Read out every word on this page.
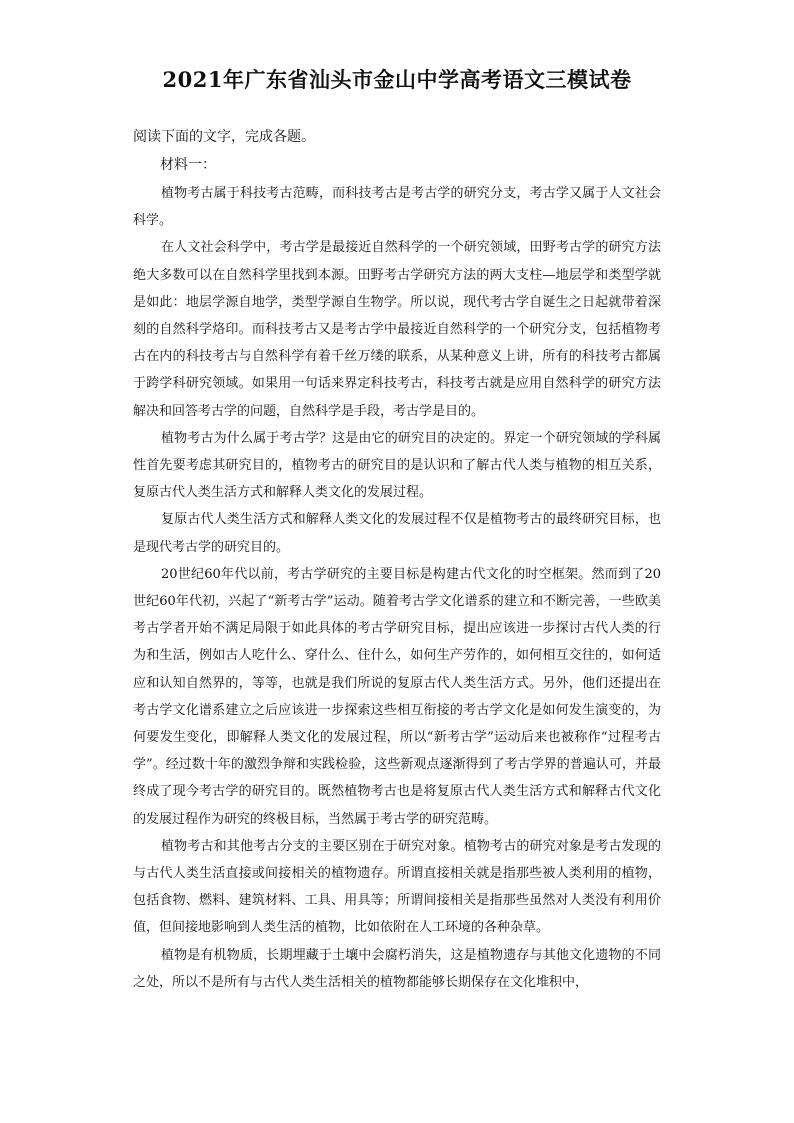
2021年广东省汕头市金山中学高考语文三模试卷
阅读下面的文字，完成各题。
材料一：

植物考古属于科技考古范畴，而科技考古是考古学的研究分支，考古学又属于人文社会科学。

在人文社会科学中，考古学是最接近自然科学的一个研究领域，田野考古学的研究方法绝大多数可以在自然科学里找到本源。田野考古学研究方法的两大支柱—地层学和类型学就是如此：地层学源自地学，类型学源自生物学。所以说，现代考古学自诞生之日起就带着深刻的自然科学烙印。而科技考古又是考古学中最接近自然科学的一个研究分支，包括植物考古在内的科技考古与自然科学有着千丝万缕的联系，从某种意义上讲，所有的科技考古都属于跨学科研究领域。如果用一句话来界定科技考古，科技考古就是应用自然科学的研究方法解决和回答考古学的问题，自然科学是手段，考古学是目的。

植物考古为什么属于考古学？这是由它的研究目的决定的。界定一个研究领域的学科属性首先要考虑其研究目的，植物考古的研究目的是认识和了解古代人类与植物的相互关系，复原古代人类生活方式和解释人类文化的发展过程。

复原古代人类生活方式和解释人类文化的发展过程不仅是植物考古的最终研究目标，也是现代考古学的研究目的。

20世纪60年代以前，考古学研究的主要目标是构建古代文化的时空框架。然而到了20世纪60年代初，兴起了“新考古学”运动。随着考古学文化谱系的建立和不断完善，一些欧美考古学者开始不满足局限于如此具体的考古学研究目标，提出应该进一步探讨古代人类的行为和生活，例如古人吃什么、穿什么、住什么，如何生产劳作的，如何相互交往的，如何适应和认知自然界的，等等，也就是我们所说的复原古代人类生活方式。另外，他们还提出在考古学文化谱系建立之后应该进一步探索这些相互衔接的考古学文化是如何发生演变的，为何要发生变化，即解释人类文化的发展过程，所以“新考古学”运动后来也被称作“过程考古学”。经过数十年的激烈争辩和实践检验，这些新观点逐渐得到了考古学界的普遍认可，并最终成了现今考古学的研究目的。既然植物考古也是将复原古代人类生活方式和解释古代文化的发展过程作为研究的终极目标，当然属于考古学的研究范畴。

植物考古和其他考古分支的主要区别在于研究对象。植物考古的研究对象是考古发现的与古代人类生活直接或间接相关的植物遗存。所谓直接相关就是指那些被人类利用的植物，包括食物、燃料、建筑材料、工具、用具等；所谓间接相关是指那些虽然对人类没有利用价值，但间接地影响到人类生活的植物，比如依附在人工环境的各种杂草。

植物是有机物质，长期埋藏于土壤中会腐朽消失，这是植物遗存与其他文化遗物的不同之处，所以不是所有与古代人类生活相关的植物都能够长期保存在文化堆积中，
